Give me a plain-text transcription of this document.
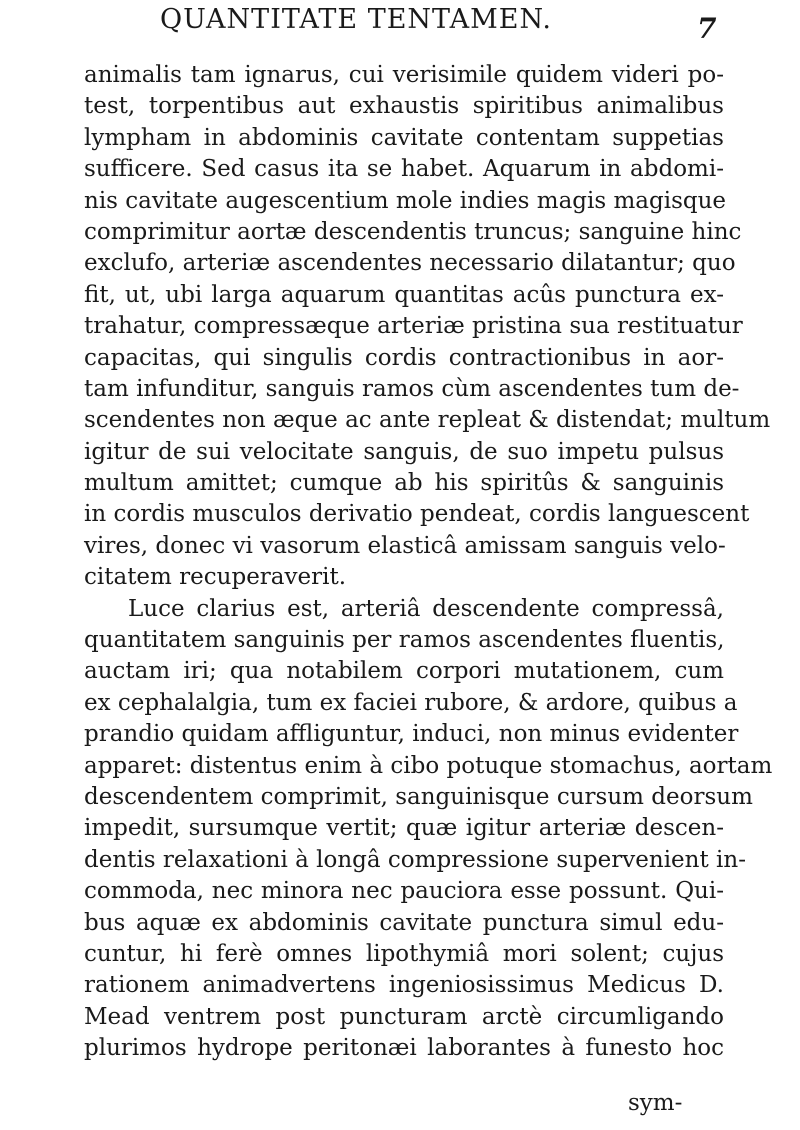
QUANTITATE TENTAMEN.	7
animalis tam ignarus, cui verisimile quidem videri po-
test, torpentibus aut exhaustis spiritibus animalibus
lympham in abdominis cavitate contentam suppetias
sufficere. Sed casus ita se habet. Aquarum in abdomi-
nis cavitate augescentium mole indies magis magisque
comprimitur aortæ descendentis truncus; sanguine hinc
exclufo, arteriæ ascendentes necessario dilatantur; quo
fit, ut, ubi larga aquarum quantitas acûs punctura ex-
trahatur, compressæque arteriæ pristina sua restituatur
capacitas, qui singulis cordis contractionibus in aor-
tam infunditur, sanguis ramos cùm ascendentes tum de-
scendentes non æque ac ante repleat & distendat; multum
igitur de sui velocitate sanguis, de suo impetu pulsus
multum amittet; cumque ab his spiritûs & sanguinis
in cordis musculos derivatio pendeat, cordis languescent
vires, donec vi vasorum elasticâ amissam sanguis velo-
citatem recuperaverit.
Luce clarius est, arteriâ descendente compressâ,
quantitatem sanguinis per ramos ascendentes fluentis,
auctam iri; qua notabilem corpori mutationem, cum
ex cephalalgia, tum ex faciei rubore, & ardore, quibus a
prandio quidam affliguntur, induci, non minus evidenter
apparet: distentus enim à cibo potuque stomachus, aortam
descendentem comprimit, sanguinisque cursum deorsum
impedit, sursumque vertit; quæ igitur arteriæ descen-
dentis relaxationi à longâ compressione supervenient in-
commoda, nec minora nec pauciora esse possunt. Qui-
bus aquæ ex abdominis cavitate punctura simul edu-
cuntur, hi ferè omnes lipothymiâ mori solent; cujus
rationem animadvertens ingeniosissimus Medicus D.
Mead ventrem post puncturam arctè circumligando
plurimos hydrope peritonæi laborantes à funesto hoc
sym-
